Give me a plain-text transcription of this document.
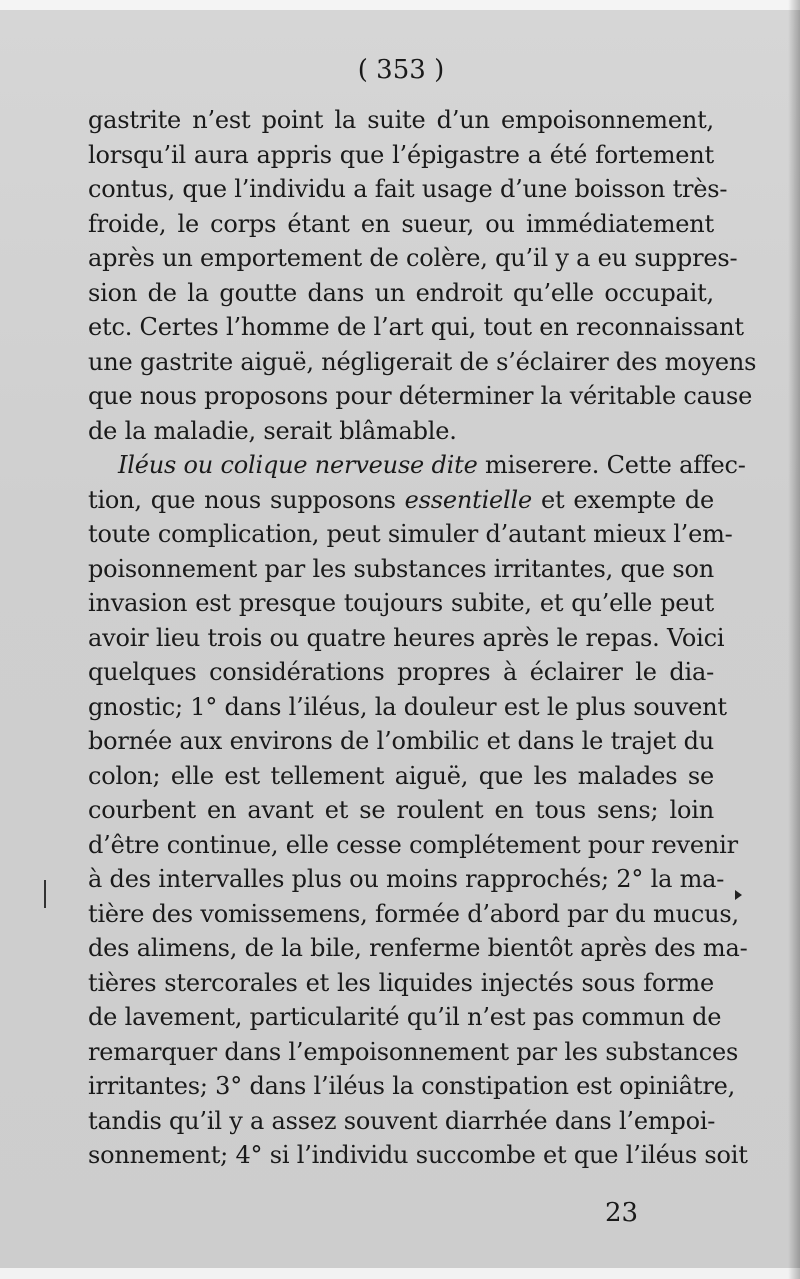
( 353 )
gastrite n’est point la suite d’un empoisonnement,
lorsqu’il aura appris que l’épigastre a été fortement
contus, que l’individu a fait usage d’une boisson très-
froide, le corps étant en sueur, ou immédiatement
après un emportement de colère, qu’il y a eu suppres-
sion de la goutte dans un endroit qu’elle occupait,
etc. Certes l’homme de l’art qui, tout en reconnaissant
une gastrite aiguë, négligerait de s’éclairer des moyens
que nous proposons pour déterminer la véritable cause
de la maladie, serait blâmable.
Iléus ou colique nerveuse dite miserere. Cette affec-
tion, que nous supposons essentielle et exempte de
toute complication, peut simuler d’autant mieux l’em-
poisonnement par les substances irritantes, que son
invasion est presque toujours subite, et qu’elle peut
avoir lieu trois ou quatre heures après le repas. Voici
quelques considérations propres à éclairer le dia-
gnostic; 1° dans l’iléus, la douleur est le plus souvent
bornée aux environs de l’ombilic et dans le trajet du
colon; elle est tellement aiguë, que les malades se
courbent en avant et se roulent en tous sens; loin
d’être continue, elle cesse complétement pour revenir
à des intervalles plus ou moins rapprochés; 2° la ma-
tière des vomissemens, formée d’abord par du mucus,
des alimens, de la bile, renferme bientôt après des ma-
tières stercorales et les liquides injectés sous forme
de lavement, particularité qu’il n’est pas commun de
remarquer dans l’empoisonnement par les substances
irritantes; 3° dans l’iléus la constipation est opiniâtre,
tandis qu’il y a assez souvent diarrhée dans l’empoi-
sonnement; 4° si l’individu succombe et que l’iléus soit
23
